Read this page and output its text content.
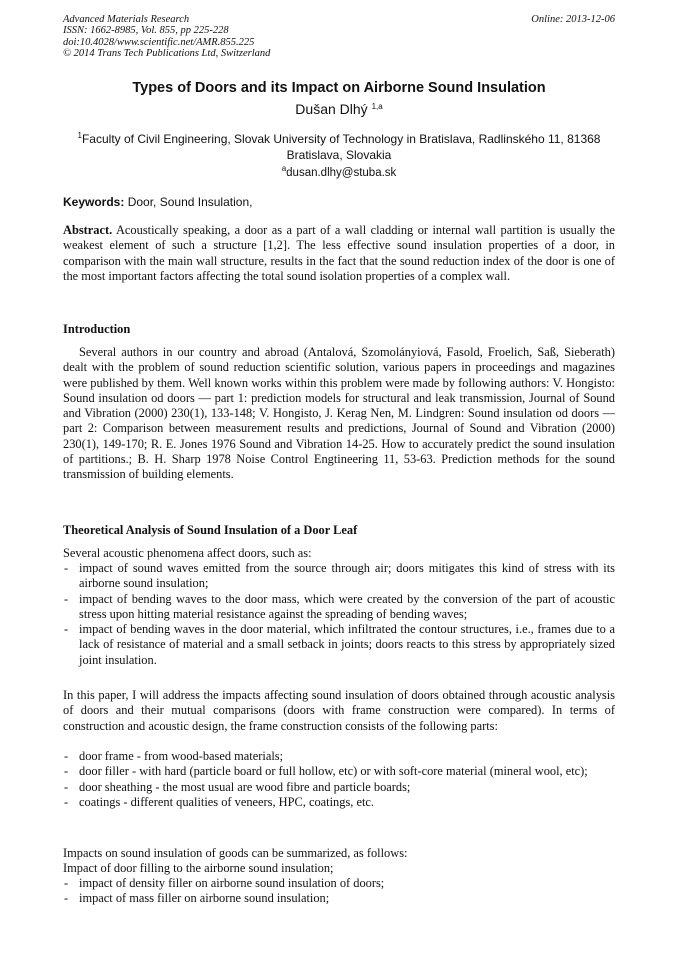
Advanced Materials Research
ISSN: 1662-8985, Vol. 855, pp 225-228
doi:10.4028/www.scientific.net/AMR.855.225
© 2014 Trans Tech Publications Ltd, Switzerland
Online: 2013-12-06
Types of Doors and its Impact on Airborne Sound Insulation
Dušan Dlhý $^{1,a}$
$^1$Faculty of Civil Engineering, Slovak University of Technology in Bratislava, Radlinského 11, 81368 Bratislava, Slovakia
$^a$dusan.dlhy@stuba.sk
Keywords: Door, Sound Insulation,
Abstract. Acoustically speaking, a door as a part of a wall cladding or internal wall partition is usually the weakest element of such a structure [1,2]. The less effective sound insulation properties of a door, in comparison with the main wall structure, results in the fact that the sound reduction index of the door is one of the most important factors affecting the total sound isolation properties of a complex wall.
Introduction
Several authors in our country and abroad (Antalová, Szomolányiová, Fasold, Froelich, Saß, Sieberath) dealt with the problem of sound reduction scientific solution, various papers in proceedings and magazines were published by them. Well known works within this problem were made by following authors: V. Hongisto: Sound insulation od doors — part 1: prediction models for structural and leak transmission, Journal of Sound and Vibration (2000) 230(1), 133-148; V. Hongisto, J. Kerag Nen, M. Lindgren: Sound insulation od doors — part 2: Comparison between measurement results and predictions, Journal of Sound and Vibration (2000) 230(1), 149-170; R. E. Jones 1976 Sound and Vibration 14-25. How to accurately predict the sound insulation of partitions.; B. H. Sharp 1978 Noise Control Engtineering 11, 53-63. Prediction methods for the sound transmission of building elements.
Theoretical Analysis of Sound Insulation of a Door Leaf
Several acoustic phenomena affect doors, such as:
- impact of sound waves emitted from the source through air; doors mitigates this kind of stress with its airborne sound insulation;
- impact of bending waves to the door mass, which were created by the conversion of the part of acoustic stress upon hitting material resistance against the spreading of bending waves;
- impact of bending waves in the door material, which infiltrated the contour structures, i.e., frames due to a lack of resistance of material and a small setback in joints; doors reacts to this stress by appropriately sized joint insulation.
In this paper, I will address the impacts affecting sound insulation of doors obtained through acoustic analysis of doors and their mutual comparisons (doors with frame construction were compared). In terms of construction and acoustic design, the frame construction consists of the following parts:
- door frame - from wood-based materials;
- door filler - with hard (particle board or full hollow, etc) or with soft-core material (mineral wool, etc);
- door sheathing - the most usual are wood fibre and particle boards;
- coatings - different qualities of veneers, HPC, coatings, etc.
Impacts on sound insulation of goods can be summarized, as follows:
Impact of door filling to the airborne sound insulation;
- impact of density filler on airborne sound insulation of doors;
- impact of mass filler on airborne sound insulation;
